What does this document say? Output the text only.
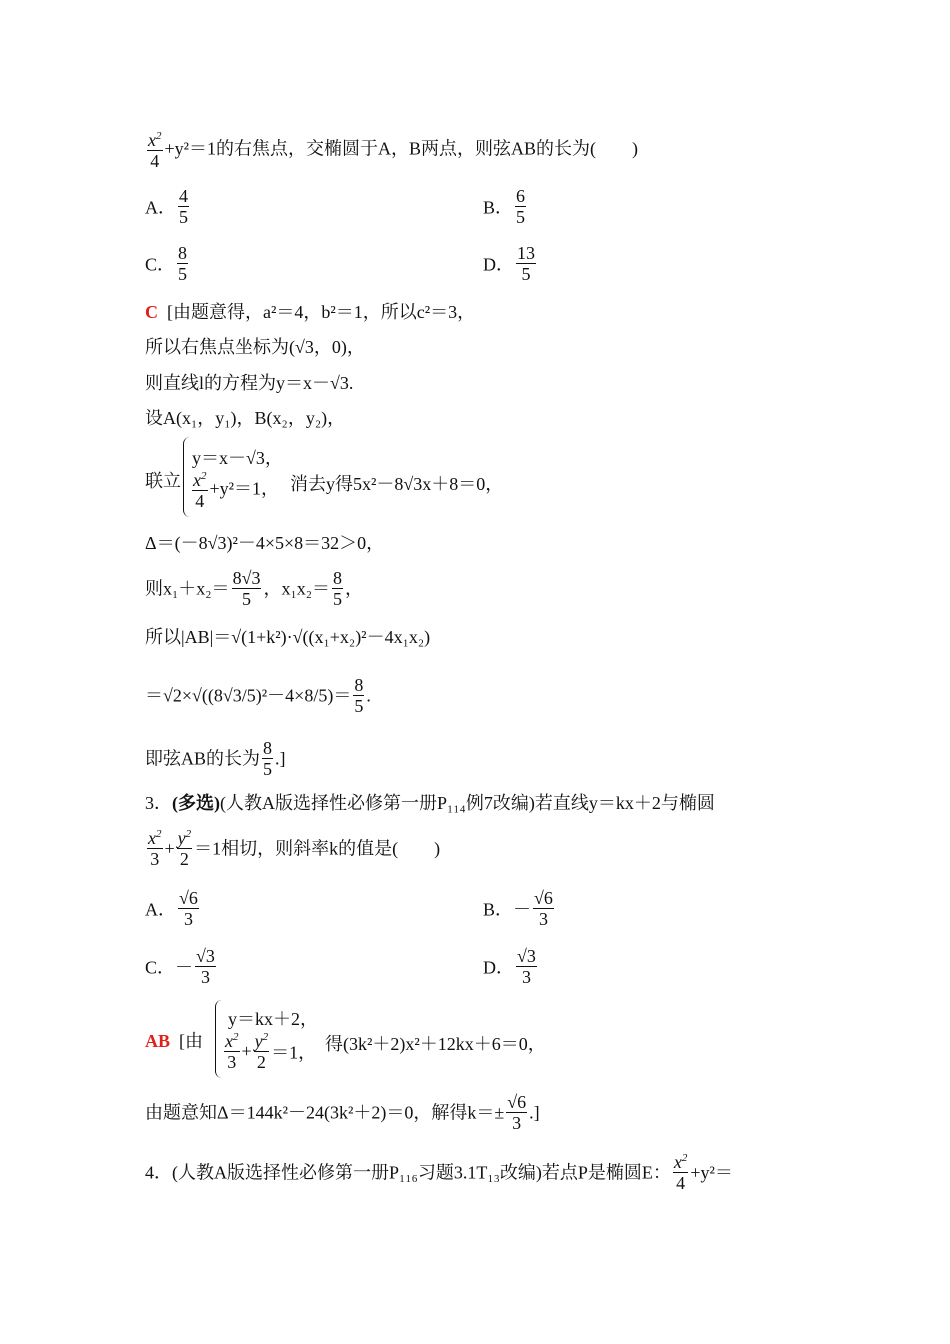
$\frac{x^2}{4} +y^2=1$的右焦点，交椭圆于A，B两点，则弦AB的长为(　　)
A． $\frac{4}{5}$	B． $\frac{6}{5}$
C． $\frac{8}{5}$	D． $\frac{13}{5}$
C [由题意得，a²＝4，b²＝1，所以c²＝3，
所以右焦点坐标为(√3，0)，
则直线l的方程为y＝x－√3.
设A(x₁，y₁)，B(x₂，y₂)，
联立
y＝x－√3，
$\frac{x^2}{4} +y^2=1$， 消去y得5x²－8√3x＋8＝0，
Δ＝(－8√3)²－4×5×8＝32＞0，
则$x_1+x_2= \frac{8√3}{5}$ ，$x_1x_2= \frac{8}{5}$ ，
所以|AB|＝√(1+k²)·√((x₁+x₂)²－4x₁x₂)
$=√2\times√((8√3/5)^2-4\times 8/5)= \frac{8}{5}$ .
即弦AB的长为 $\frac{8}{5}$ .]
3．(多选)(人教A版选择性必修第一册P₁₁₄例7改编)若直线y＝kx＋2与椭圆
$\frac{x^2}{3} + \frac{y^2}{2} =1$相切，则斜率k的值是(　　)
A． $\frac{√6}{3}$	B．－ $\frac{√6}{3}$
C．－ $\frac{√3}{3}$	D． $\frac{√3}{3}$
AB [由
y＝kx＋2，
$\frac{x^2}{3} + \frac{y^2}{2} =1$， 得(3k²＋2)x²＋12kx＋6＝0，
由题意知Δ＝144k²－24(3k²＋2)＝0，解得$k=\pm \frac{√6}{3}$ .]
4．(人教A版选择性必修第一册P₁₁₆习题3.1T₁₃改编)若点P是椭圆E： $\frac{x^2}{4} +y^2=$
